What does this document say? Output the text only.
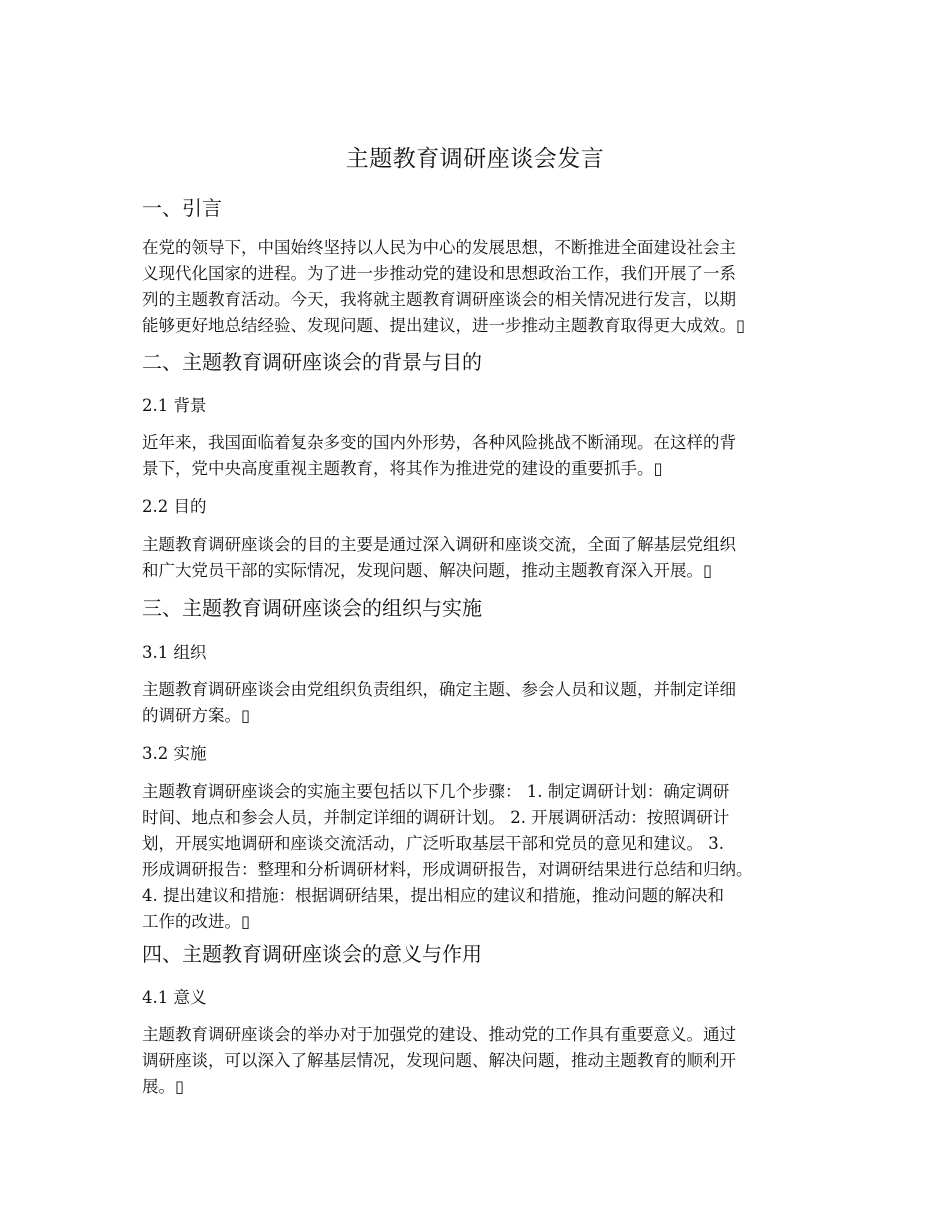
主题教育调研座谈会发言
一、引言
在党的领导下，中国始终坚持以人民为中心的发展思想，不断推进全面建设社会主
义现代化国家的进程。为了进一步推动党的建设和思想政治工作，我们开展了一系
列的主题教育活动。今天，我将就主题教育调研座谈会的相关情况进行发言，以期
能够更好地总结经验、发现问题、提出建议，进一步推动主题教育取得更大成效。▯
二、主题教育调研座谈会的背景与目的
2.1 背景
近年来，我国面临着复杂多变的国内外形势，各种风险挑战不断涌现。在这样的背
景下，党中央高度重视主题教育，将其作为推进党的建设的重要抓手。▯
2.2 目的
主题教育调研座谈会的目的主要是通过深入调研和座谈交流，全面了解基层党组织
和广大党员干部的实际情况，发现问题、解决问题，推动主题教育深入开展。▯
三、主题教育调研座谈会的组织与实施
3.1 组织
主题教育调研座谈会由党组织负责组织，确定主题、参会人员和议题，并制定详细
的调研方案。▯
3.2 实施
主题教育调研座谈会的实施主要包括以下几个步骤： 1. 制定调研计划：确定调研
时间、地点和参会人员，并制定详细的调研计划。 2. 开展调研活动：按照调研计
划，开展实地调研和座谈交流活动，广泛听取基层干部和党员的意见和建议。 3.
形成调研报告：整理和分析调研材料，形成调研报告，对调研结果进行总结和归纳。
4. 提出建议和措施：根据调研结果，提出相应的建议和措施，推动问题的解决和
工作的改进。▯
四、主题教育调研座谈会的意义与作用
4.1 意义
主题教育调研座谈会的举办对于加强党的建设、推动党的工作具有重要意义。通过
调研座谈，可以深入了解基层情况，发现问题、解决问题，推动主题教育的顺利开
展。▯
